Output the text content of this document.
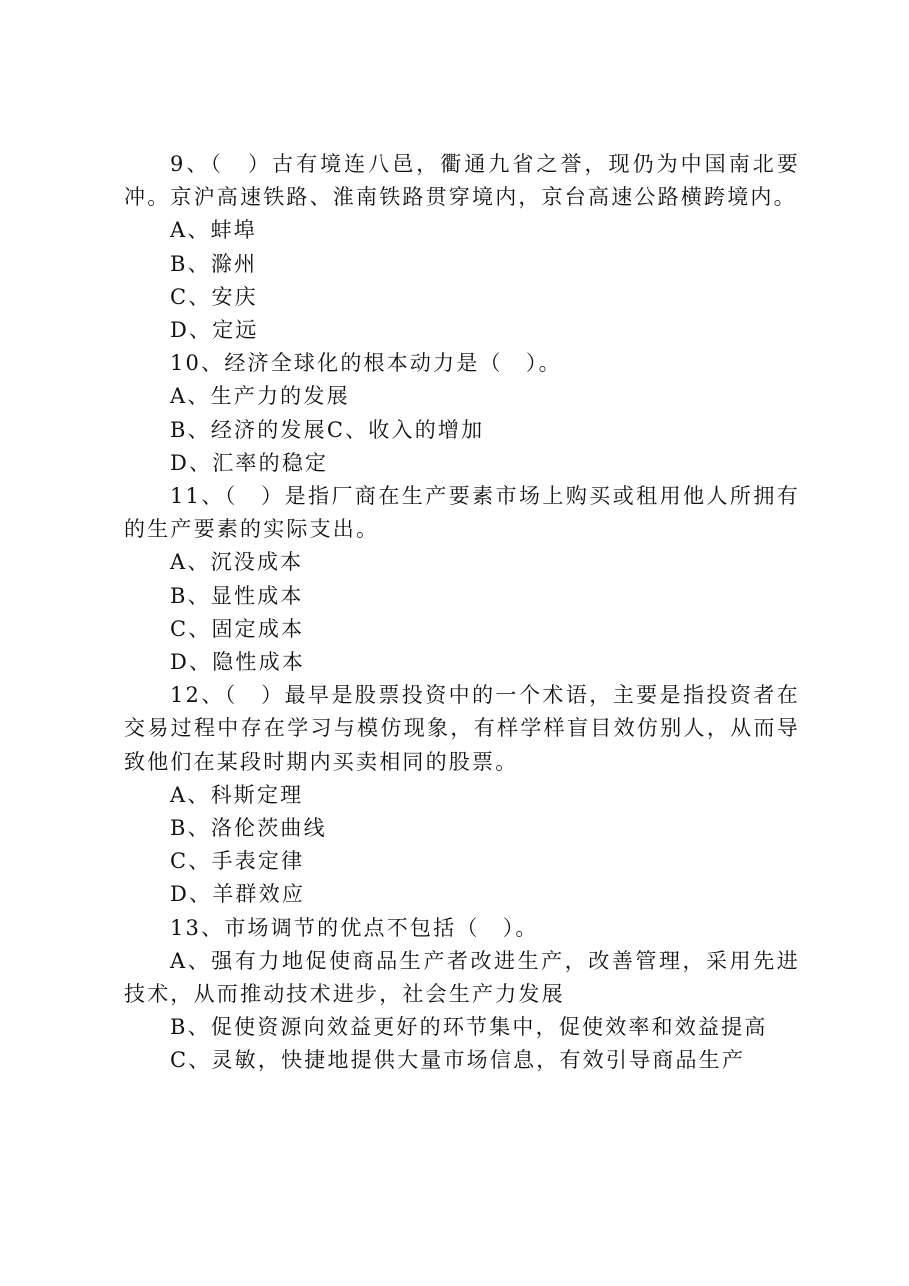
9、（　）古有境连八邑，衢通九省之誉，现仍为中国南北要冲。京沪高速铁路、淮南铁路贯穿境内，京台高速公路横跨境内。

A、蚌埠

B、滁州

C、安庆

D、定远

10、经济全球化的根本动力是（　）。

A、生产力的发展

B、经济的发展C、收入的增加

D、汇率的稳定

11、（　）是指厂商在生产要素市场上购买或租用他人所拥有的生产要素的实际支出。

A、沉没成本

B、显性成本

C、固定成本

D、隐性成本

12、（　）最早是股票投资中的一个术语，主要是指投资者在交易过程中存在学习与模仿现象，有样学样盲目效仿别人，从而导致他们在某段时期内买卖相同的股票。

A、科斯定理

B、洛伦茨曲线

C、手表定律

D、羊群效应

13、市场调节的优点不包括（　）。

A、强有力地促使商品生产者改进生产，改善管理，采用先进技术，从而推动技术进步，社会生产力发展

B、促使资源向效益更好的环节集中，促使效率和效益提高

C、灵敏，快捷地提供大量市场信息，有效引导商品生产
